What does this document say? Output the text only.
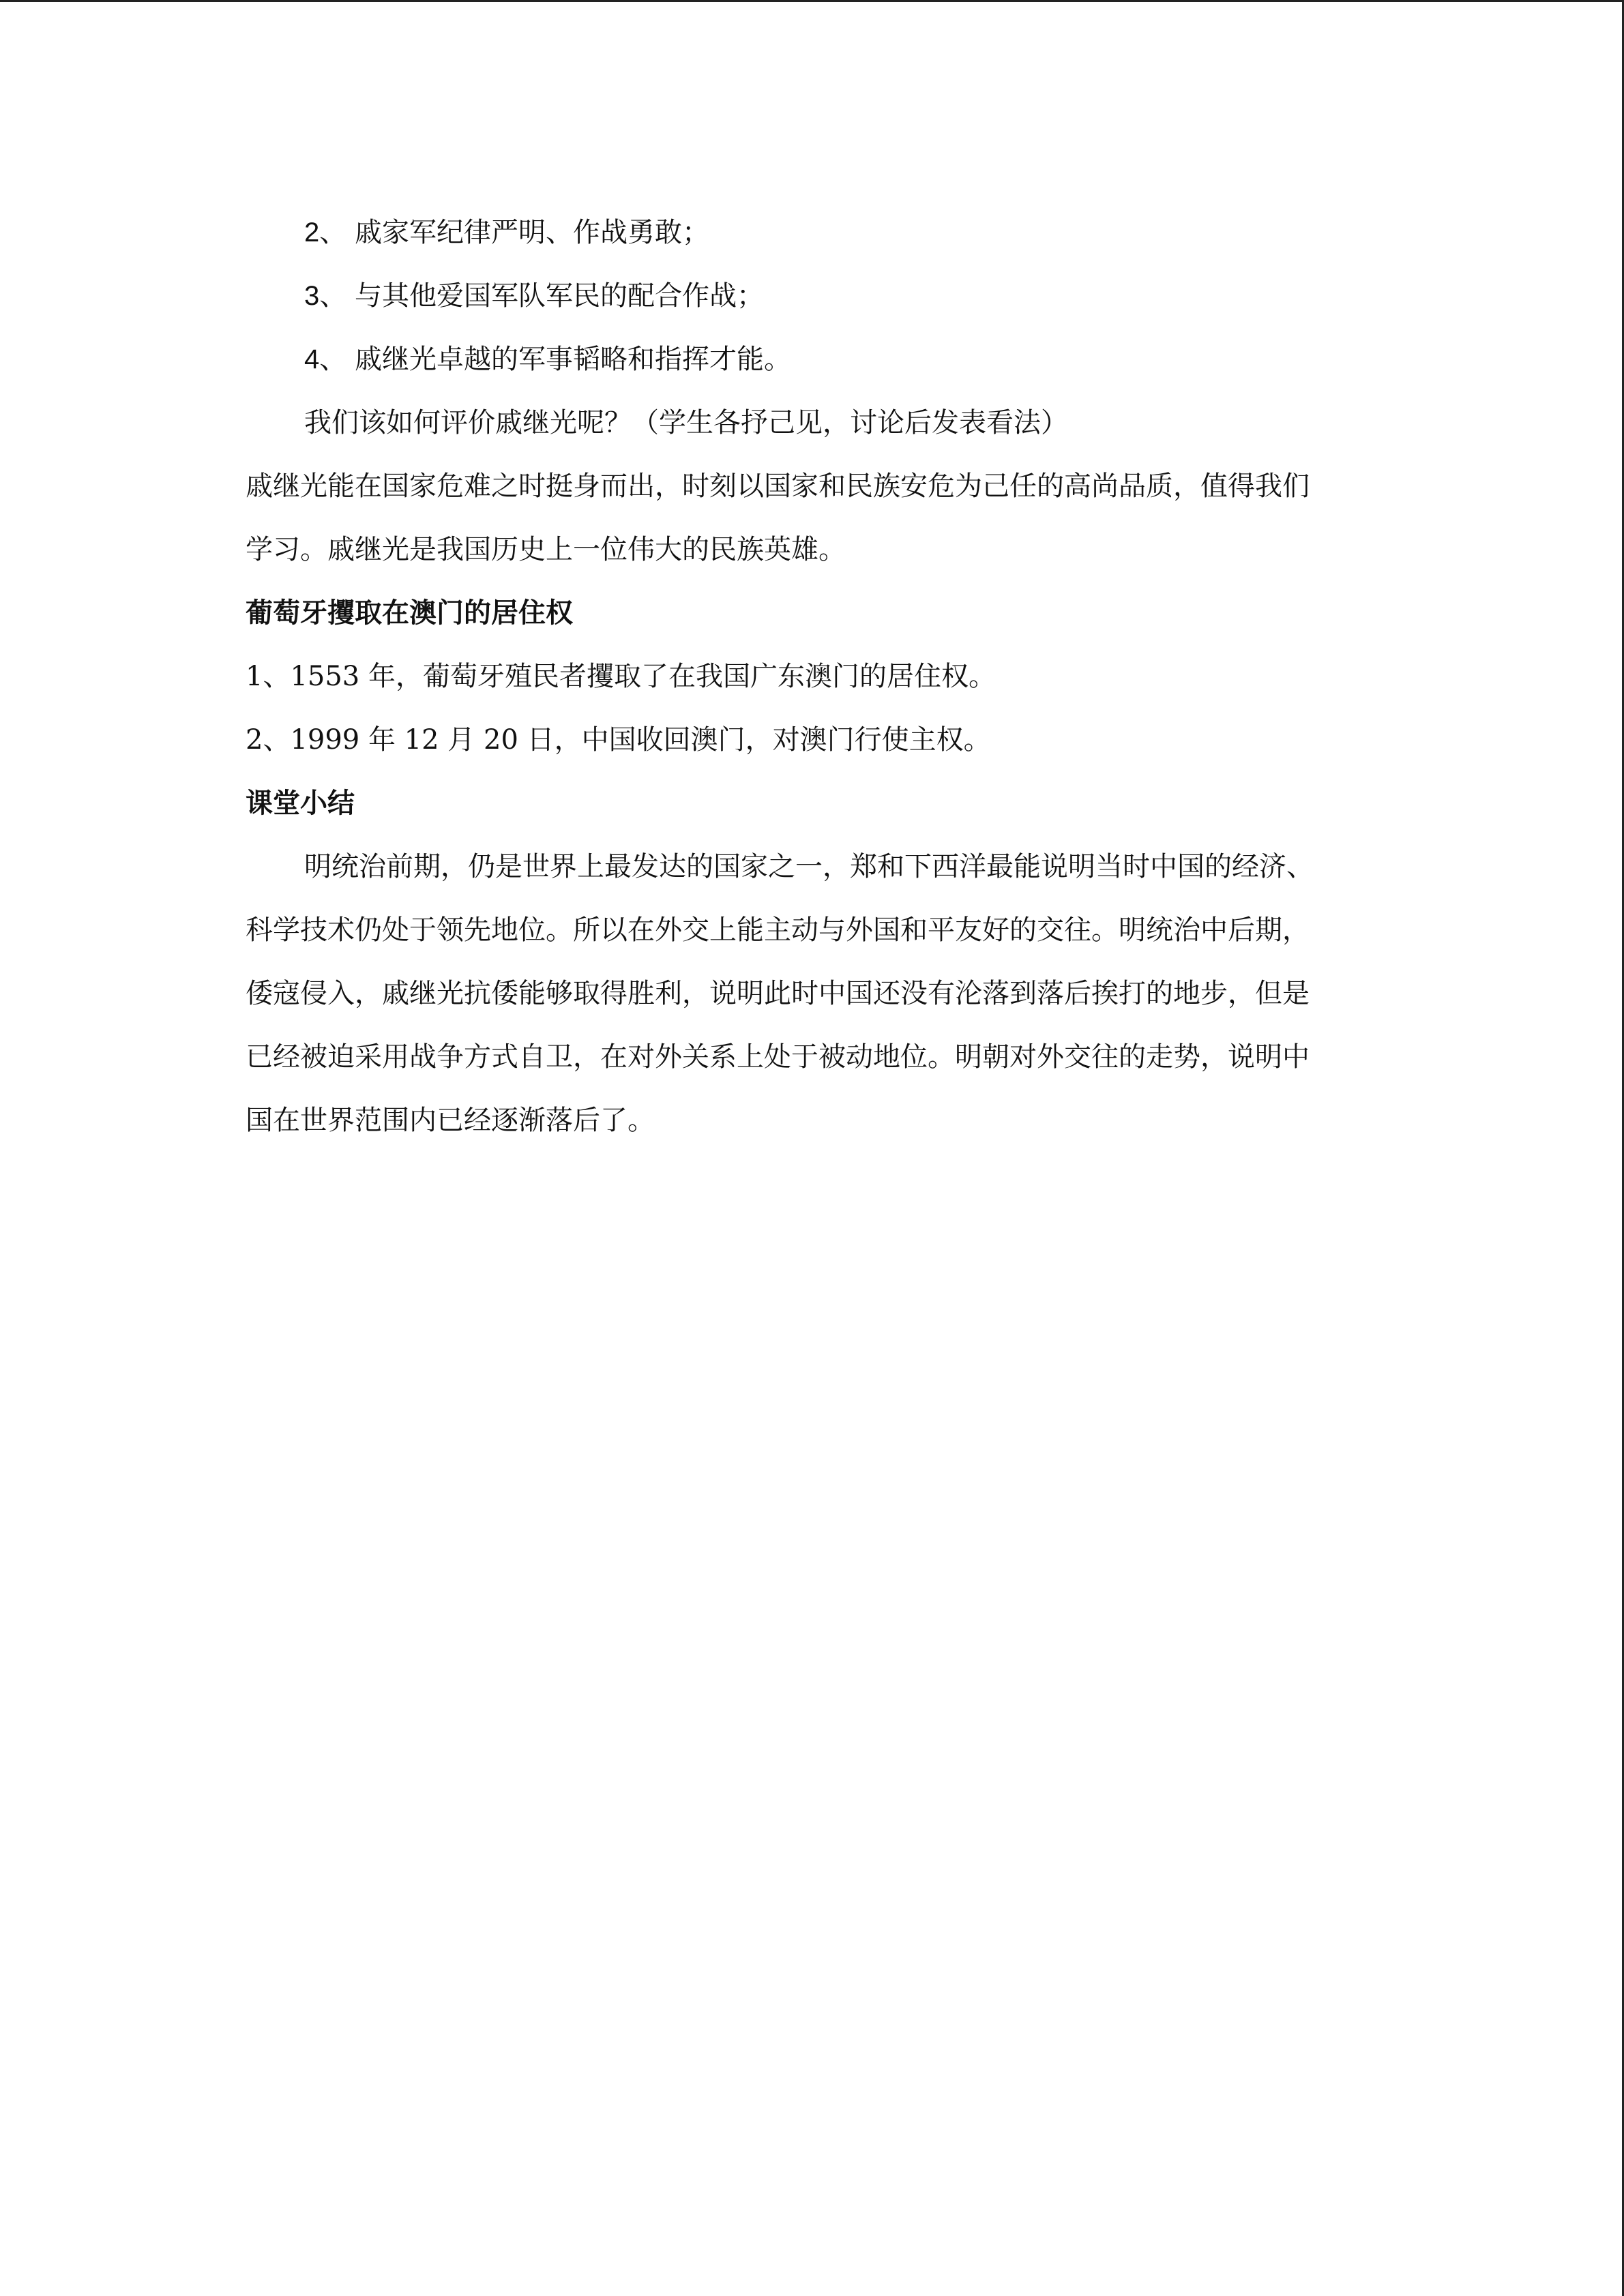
2、 戚家军纪律严明、作战勇敢；
3、 与其他爱国军队军民的配合作战；
4、 戚继光卓越的军事韬略和指挥才能。
我们该如何评价戚继光呢？（学生各抒己见，讨论后发表看法）
戚继光能在国家危难之时挺身而出，时刻以国家和民族安危为己任的高尚品质，值得我们
学习。戚继光是我国历史上一位伟大的民族英雄。
葡萄牙攫取在澳门的居住权
1、1553 年，葡萄牙殖民者攫取了在我国广东澳门的居住权。
2、1999 年 12 月 20 日，中国收回澳门，对澳门行使主权。
课堂小结
明统治前期，仍是世界上最发达的国家之一，郑和下西洋最能说明当时中国的经济、
科学技术仍处于领先地位。所以在外交上能主动与外国和平友好的交往。明统治中后期，
倭寇侵入，戚继光抗倭能够取得胜利，说明此时中国还没有沦落到落后挨打的地步，但是
已经被迫采用战争方式自卫，在对外关系上处于被动地位。明朝对外交往的走势，说明中
国在世界范围内已经逐渐落后了。
